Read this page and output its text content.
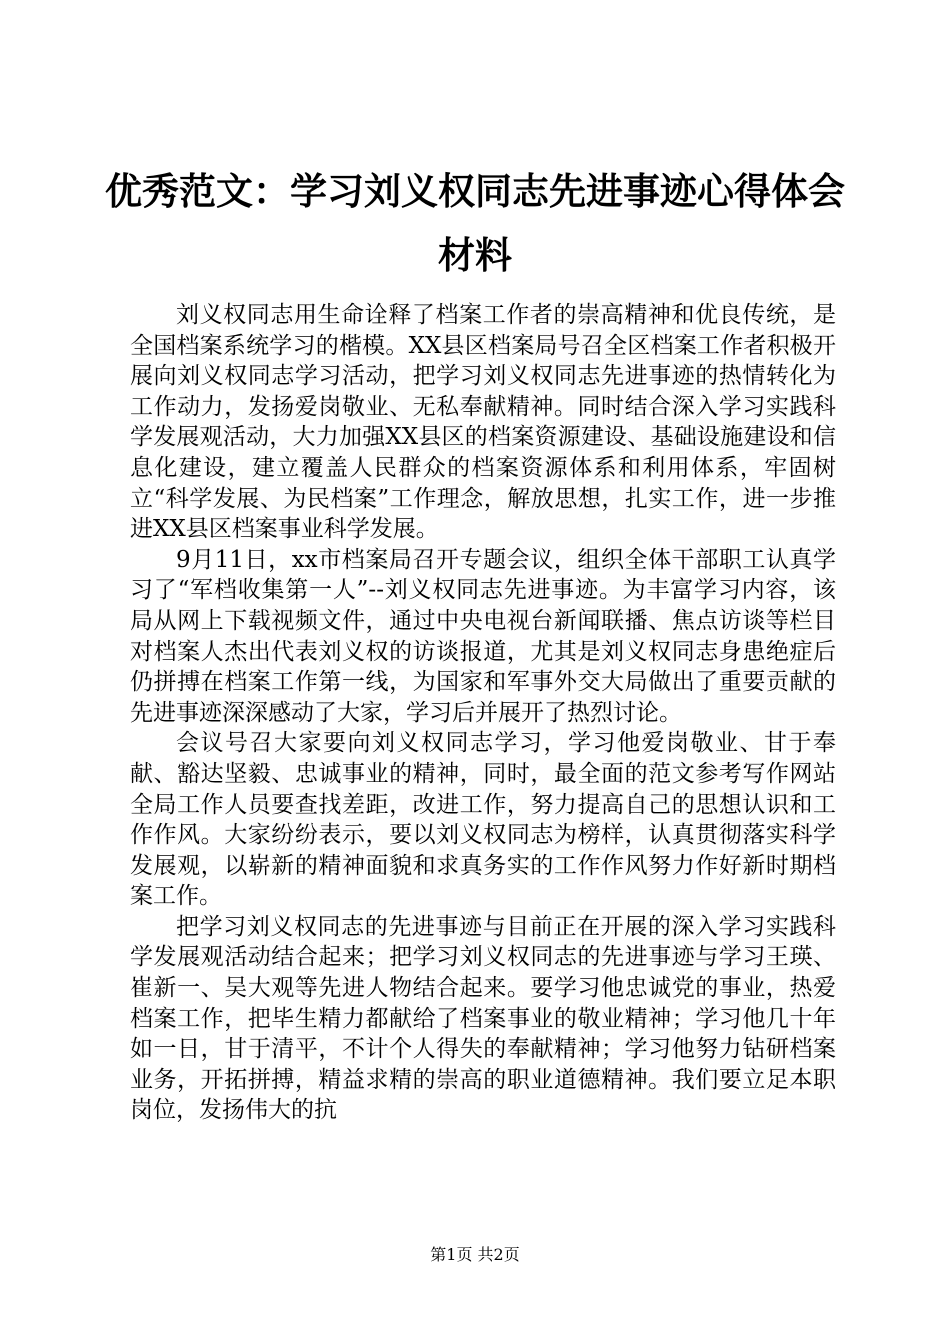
优秀范文：学习刘义权同志先进事迹心得体会材料

刘义权同志用生命诠释了档案工作者的崇高精神和优良传统，是全国档案系统学习的楷模。XX县区档案局号召全区档案工作者积极开展向刘义权同志学习活动，把学习刘义权同志先进事迹的热情转化为工作动力，发扬爱岗敬业、无私奉献精神。同时结合深入学习实践科学发展观活动，大力加强XX县区的档案资源建设、基础设施建设和信息化建设，建立覆盖人民群众的档案资源体系和利用体系，牢固树立“科学发展、为民档案”工作理念，解放思想，扎实工作，进一步推进XX县区档案事业科学发展。

9月11日，xx市档案局召开专题会议，组织全体干部职工认真学习了“军档收集第一人”--刘义权同志先进事迹。为丰富学习内容，该局从网上下载视频文件，通过中央电视台新闻联播、焦点访谈等栏目对档案人杰出代表刘义权的访谈报道，尤其是刘义权同志身患绝症后仍拼搏在档案工作第一线，为国家和军事外交大局做出了重要贡献的先进事迹深深感动了大家，学习后并展开了热烈讨论。

会议号召大家要向刘义权同志学习，学习他爱岗敬业、甘于奉献、豁达坚毅、忠诚事业的精神，同时，最全面的范文参考写作网站全局工作人员要查找差距，改进工作，努力提高自己的思想认识和工作作风。大家纷纷表示，要以刘义权同志为榜样，认真贯彻落实科学发展观，以崭新的精神面貌和求真务实的工作作风努力作好新时期档案工作。

把学习刘义权同志的先进事迹与目前正在开展的深入学习实践科学发展观活动结合起来；把学习刘义权同志的先进事迹与学习王瑛、崔新一、吴大观等先进人物结合起来。要学习他忠诚党的事业，热爱档案工作，把毕生精力都献给了档案事业的敬业精神；学习他几十年如一日，甘于清平，不计个人得失的奉献精神；学习他努力钻研档案业务，开拓拼搏，精益求精的崇高的职业道德精神。我们要立足本职岗位，发扬伟大的抗

第1页 共2页
